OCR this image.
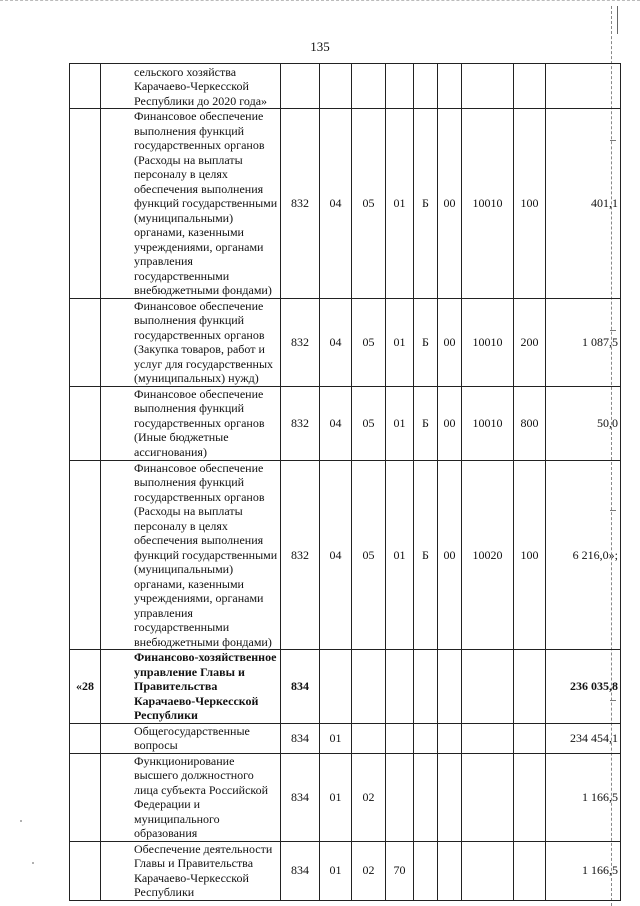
135
	сельского хозяйства Карачаево-Черкесской Республики до 2020 года»									
	Финансовое обеспечение выполнения функций государственных органов (Расходы на выплаты персоналу в целях обеспечения выполнения функций государственными (муниципальными) органами, казенными учреждениями, органами управления государственными внебюджетными фондами)	832	04	05	01	Б	00	10010	100	401,1
	Финансовое обеспечение выполнения функций государственных органов (Закупка товаров, работ и услуг для государственных (муниципальных) нужд)	832	04	05	01	Б	00	10010	200	1 087,5
	Финансовое обеспечение выполнения функций государственных органов (Иные бюджетные ассигнования)	832	04	05	01	Б	00	10010	800	50,0
	Финансовое обеспечение выполнения функций государственных органов (Расходы на выплаты персоналу в целях обеспечения выполнения функций государственными (муниципальными) органами, казенными учреждениями, органами управления государственными внебюджетными фондами)	832	04	05	01	Б	00	10020	100	6 216,0»;
«28	Финансово-хозяйственное управление Главы и Правительства Карачаево-Черкесской Республики	834								236 035,8
	Общегосударственные вопросы	834	01							234 454,1
	Функционирование высшего должностного лица субъекта Российской Федерации и муниципального образования	834	01	02						1 166,5
	Обеспечение деятельности Главы и Правительства Карачаево-Черкесской Республики	834	01	02	70					1 166,5
